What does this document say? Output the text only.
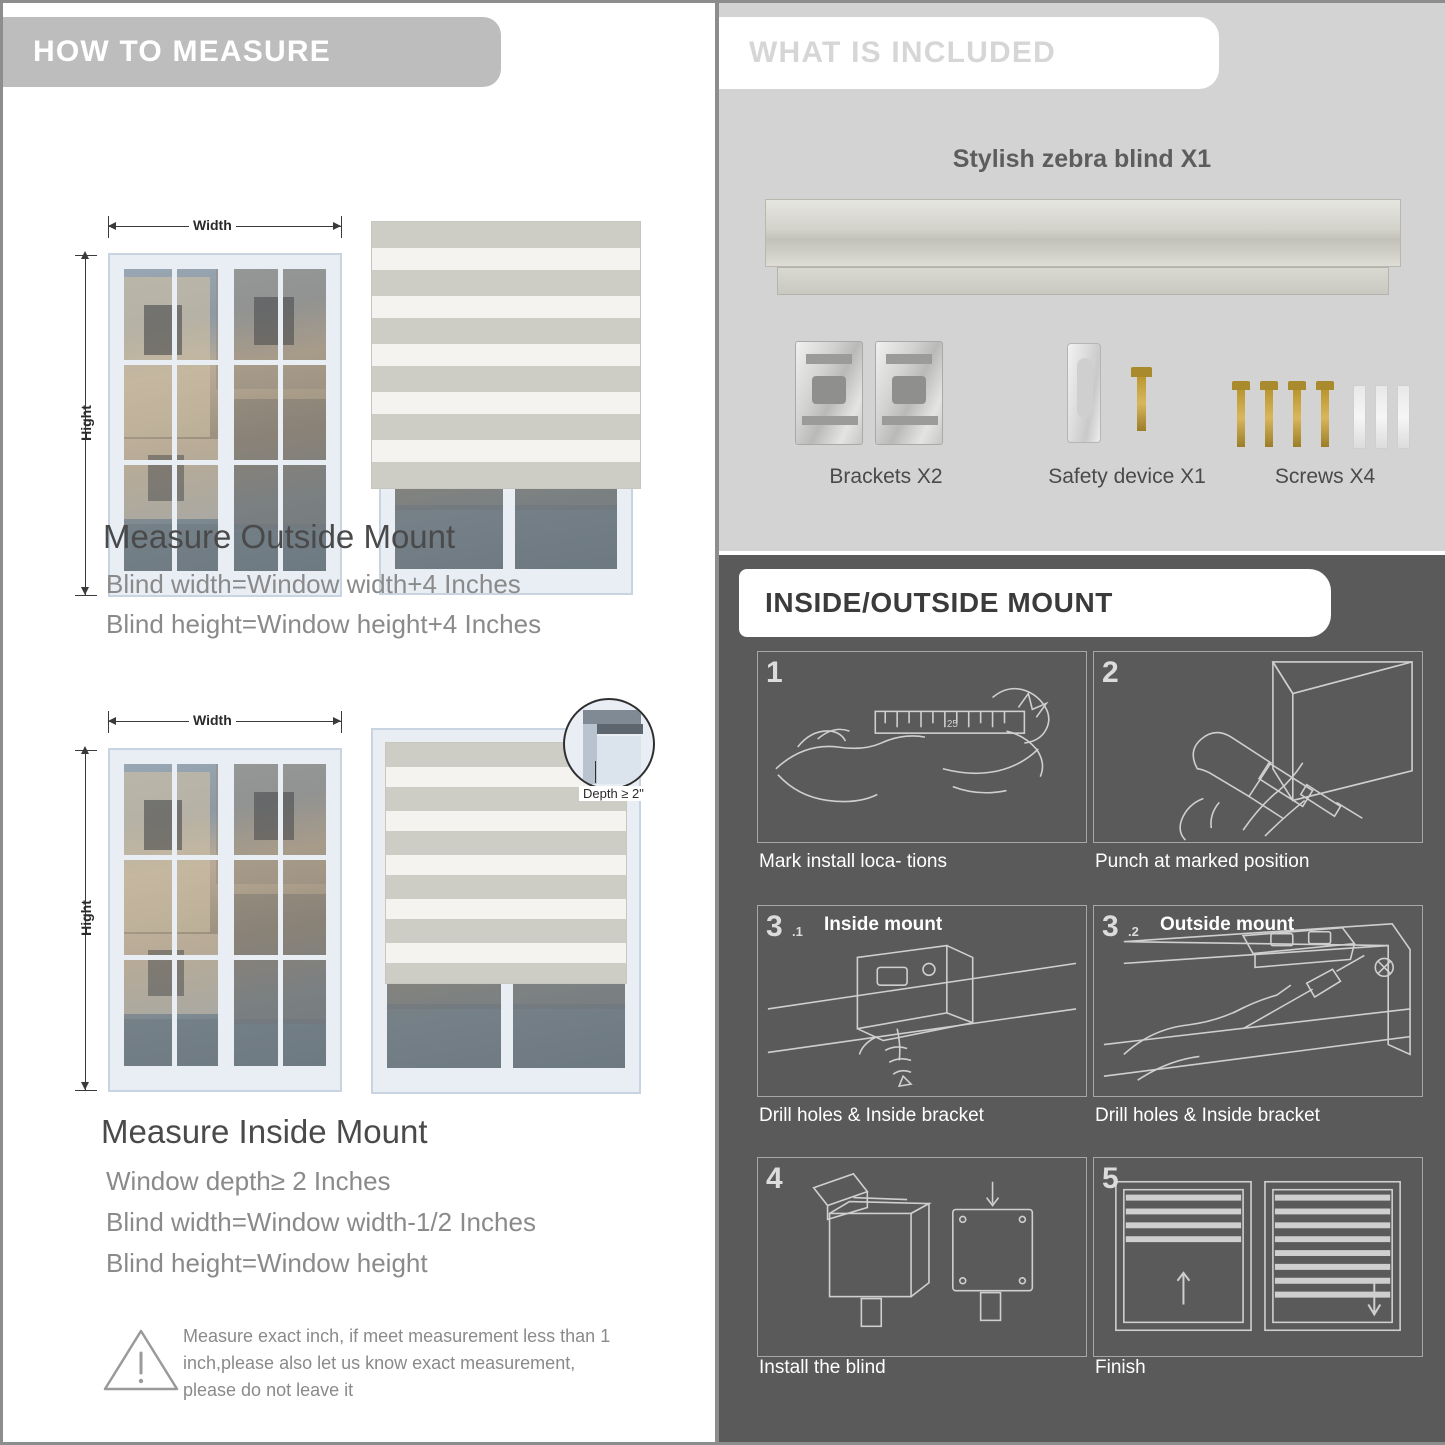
HOW TO MEASURE
Width
Hight
Measure Outside Mount
Blind width=Window width+4 Inches
Blind height=Window height+4 Inches
Width
Hight
Depth ≥ 2"
Measure Inside Mount
Window depth≥ 2 Inches
Blind width=Window width-1/2 Inches
Blind height=Window height
Measure exact inch, if meet measurement less than 1 inch,please also let us know exact measurement, please do not leave it
WHAT IS INCLUDED
Stylish zebra blind X1
Brackets X2	Safety device X1	Screws X4
INSIDE/OUTSIDE MOUNT
25
1
Mark install loca- tions
2
Punch at marked position
3 .1 Inside mount
Drill holes & Inside bracket
3 .2 Outside mount
Drill holes & Inside bracket
4
Install the blind
5
Finish
